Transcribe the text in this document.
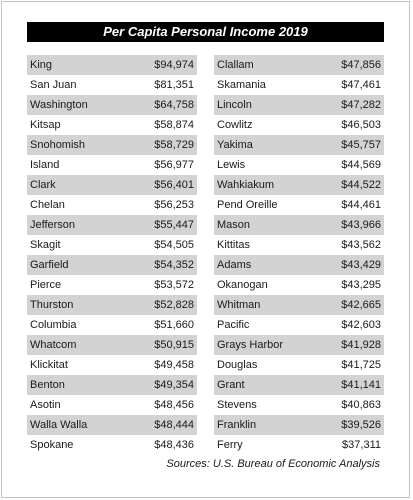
Per Capita Personal Income 2019
King	$94,974
San Juan	$81,351
Washington	$64,758
Kitsap	$58,874
Snohomish	$58,729
Island	$56,977
Clark	$56,401
Chelan	$56,253
Jefferson	$55,447
Skagit	$54,505
Garfield	$54,352
Pierce	$53,572
Thurston	$52,828
Columbia	$51,660
Whatcom	$50,915
Klickitat	$49,458
Benton	$49,354
Asotin	$48,456
Walla Walla	$48,444
Spokane	$48,436
Clallam	$47,856
Skamania	$47,461
Lincoln	$47,282
Cowlitz	$46,503
Yakima	$45,757
Lewis	$44,569
Wahkiakum	$44,522
Pend Oreille	$44,461
Mason	$43,966
Kittitas	$43,562
Adams	$43,429
Okanogan	$43,295
Whitman	$42,665
Pacific	$42,603
Grays Harbor	$41,928
Douglas	$41,725
Grant	$41,141
Stevens	$40,863
Franklin	$39,526
Ferry	$37,311
Sources: U.S. Bureau of Economic Analysis
